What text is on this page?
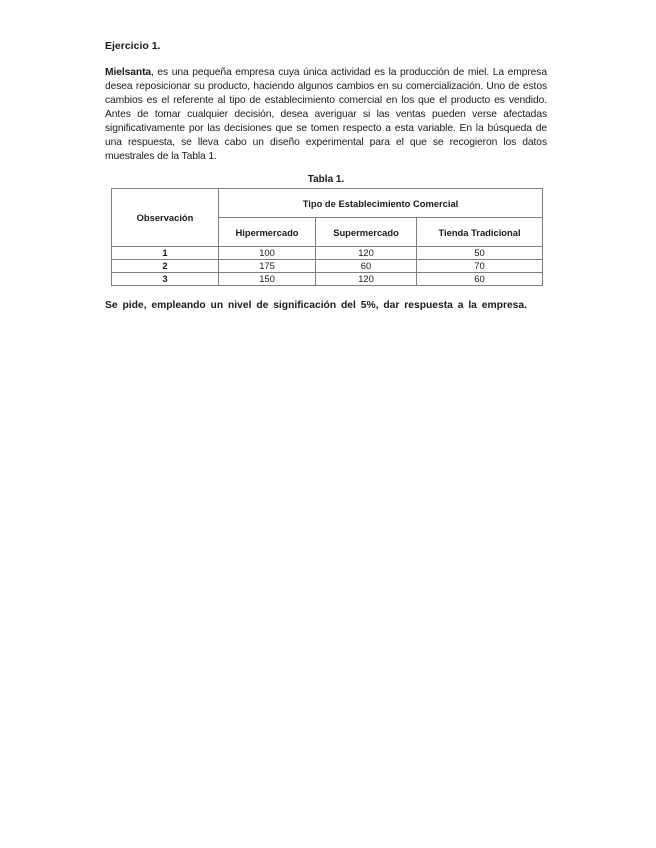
Ejercicio 1.

Mielsanta, es una pequeña empresa cuya única actividad es la producción de miel. La empresa desea reposicionar su producto, haciendo algunos cambios en su comercialización. Uno de estos cambios es el referente al tipo de establecimiento comercial en los que el producto es vendido. Antes de tomar cualquier decisión, desea averiguar si las ventas pueden verse afectadas significativamente por las decisiones que se tomen respecto a esta variable. En la búsqueda de una respuesta, se lleva cabo un diseño experimental para el que se recogieron los datos muestrales de la Tabla 1.

Tabla 1.
Observación	Tipo de Establecimiento Comercial		
	Hipermercado	Supermercado	Tienda Tradicional
1	100	120	50
2	175	60	70
3	150	120	60

Se pide, empleando un nivel de significación del 5%, dar respuesta a la empresa.
